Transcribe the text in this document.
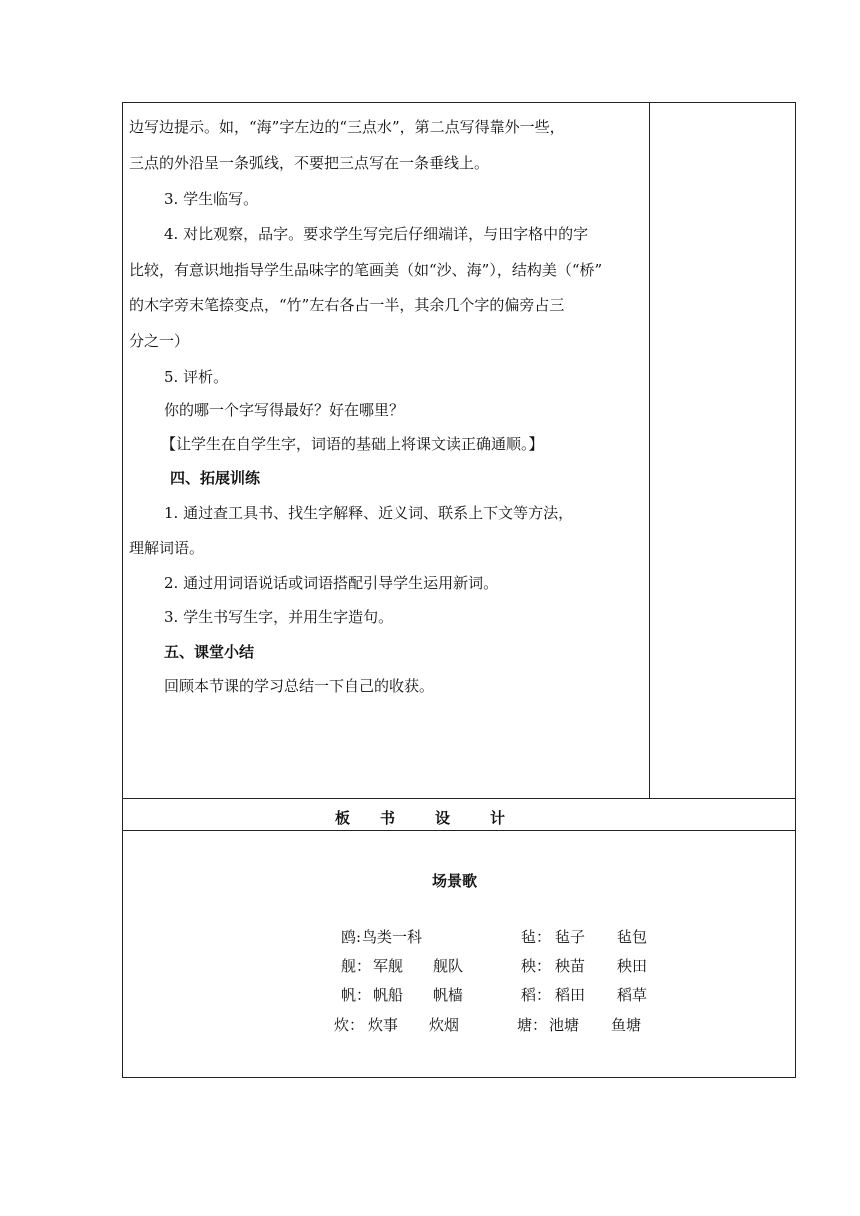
边写边提示。如，“海”字左边的“三点水”，第二点写得靠外一些，
三点的外沿呈一条弧线，不要把三点写在一条垂线上。
3. 学生临写。
4. 对比观察，品字。要求学生写完后仔细端详，与田字格中的字
比较，有意识地指导学生品味字的笔画美（如“沙、海”），结构美（“桥”
的木字旁末笔捺变点，“竹”左右各占一半，其余几个字的偏旁占三
分之一）
5. 评析。
你的哪一个字写得最好？好在哪里？
【让学生在自学生字，词语的基础上将课文读正确通顺。】
四、拓展训练
1. 通过查工具书、找生字解释、近义词、联系上下文等方法，
理解词语。
2. 通过用词语说话或词语搭配引导学生运用新词。
3. 学生书写生字，并用生字造句。
五、课堂小结
回顾本节课的学习总结一下自己的收获。
板 书	设	计
场景歌
鸥: 鸟类一科
舰： 军舰 舰队
帆： 帆船 帆樯
炊： 炊事 炊烟
毡： 毡子 毡包
秧： 秧苗 秧田
稻： 稻田 稻草
塘： 池塘 鱼塘
